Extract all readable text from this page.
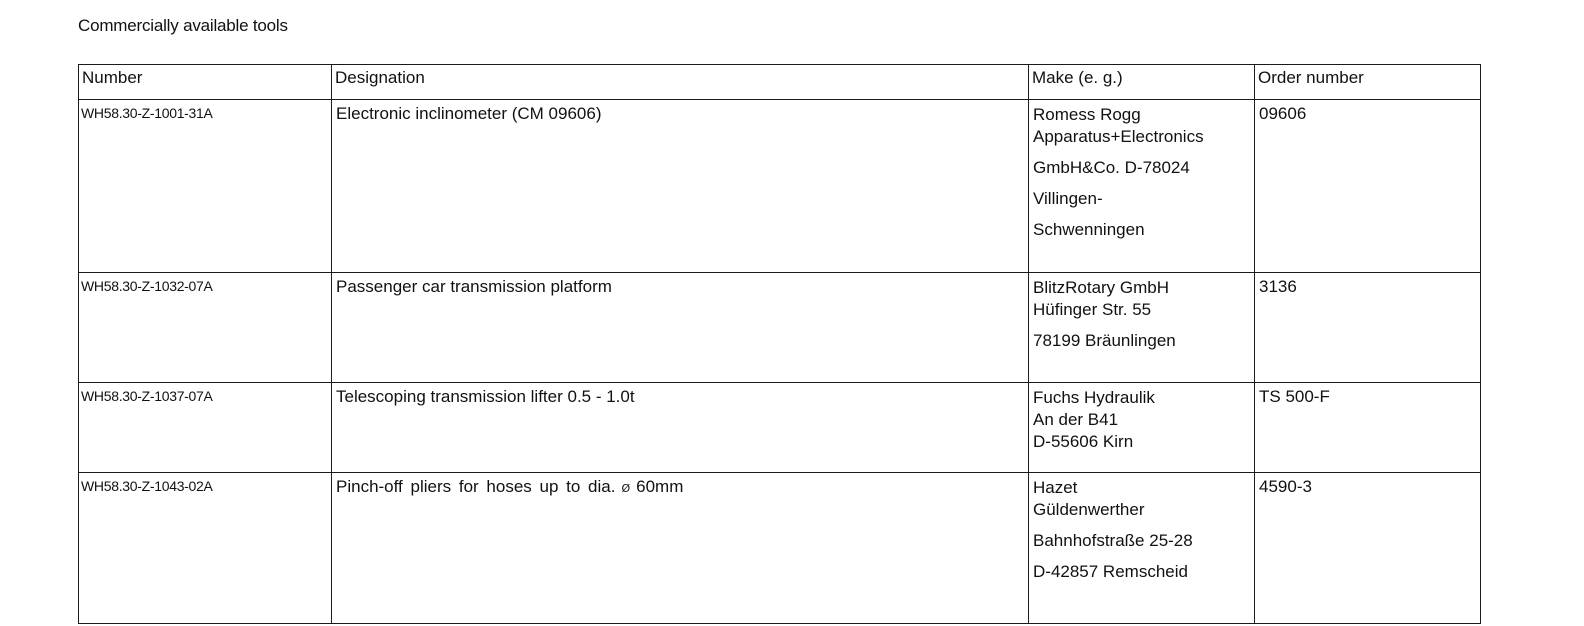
Commercially available tools
Number	Designation	Make (e. g.)	Order number
WH58.30-Z-1001-31A	Electronic inclinometer (CM 09606)	Romess Rogg
Apparatus+Electronics
GmbH&Co. D-78024
Villingen-
Schwenningen	09606
WH58.30-Z-1032-07A	Passenger car transmission platform	BlitzRotary GmbH
Hüfinger Str. 55
78199 Bräunlingen	3136
WH58.30-Z-1037-07A	Telescoping transmission lifter 0.5 - 1.0t	Fuchs Hydraulik
An der B41
D-55606 Kirn	TS 500-F
WH58.30-Z-1043-02A	Pinch-off pliers for hoses up to dia. Ø 60mm	Hazet
Güldenwerther
Bahnhofstraße 25-28
D-42857 Remscheid	4590-3
